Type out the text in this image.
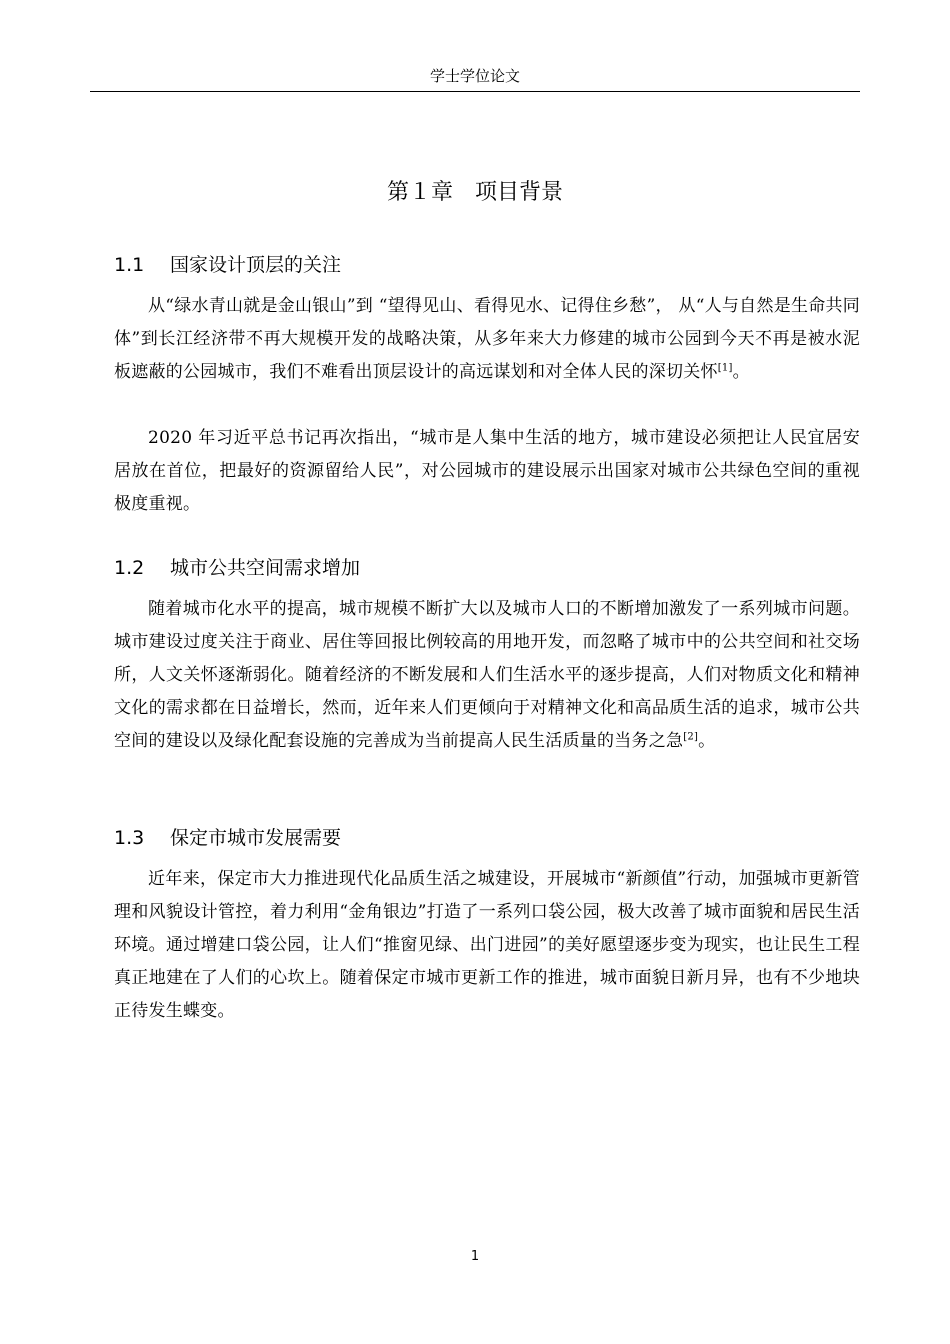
学士学位论文
第１章 项目背景
1.1 国家设计顶层的关注

从“绿水青山就是金山银山”到 “望得见山、看得见水、记得住乡愁”， 从“人与自然是生命共同体”到长江经济带不再大规模开发的战略决策，从多年来大力修建的城市公园到今天不再是被水泥板遮蔽的公园城市，我们不难看出顶层设计的高远谋划和对全体人民的深切关怀[1]。

2020 年习近平总书记再次指出，“城市是人集中生活的地方，城市建设必须把让人民宜居安居放在首位，把最好的资源留给人民”，对公园城市的建设展示出国家对城市公共绿色空间的重视极度重视。

1.2 城市公共空间需求增加

随着城市化水平的提高，城市规模不断扩大以及城市人口的不断增加激发了一系列城市问题。城市建设过度关注于商业、居住等回报比例较高的用地开发，而忽略了城市中的公共空间和社交场所，人文关怀逐渐弱化。随着经济的不断发展和人们生活水平的逐步提高，人们对物质文化和精神文化的需求都在日益增长，然而，近年来人们更倾向于对精神文化和高品质生活的追求，城市公共空间的建设以及绿化配套设施的完善成为当前提高人民生活质量的当务之急[2]。

1.3 保定市城市发展需要

近年来，保定市大力推进现代化品质生活之城建设，开展城市“新颜值”行动，加强城市更新管理和风貌设计管控，着力利用“金角银边”打造了一系列口袋公园，极大改善了城市面貌和居民生活环境。通过增建口袋公园，让人们“推窗见绿、出门进园”的美好愿望逐步变为现实，也让民生工程真正地建在了人们的心坎上。随着保定市城市更新工作的推进，城市面貌日新月异，也有不少地块正待发生蝶变。

1
